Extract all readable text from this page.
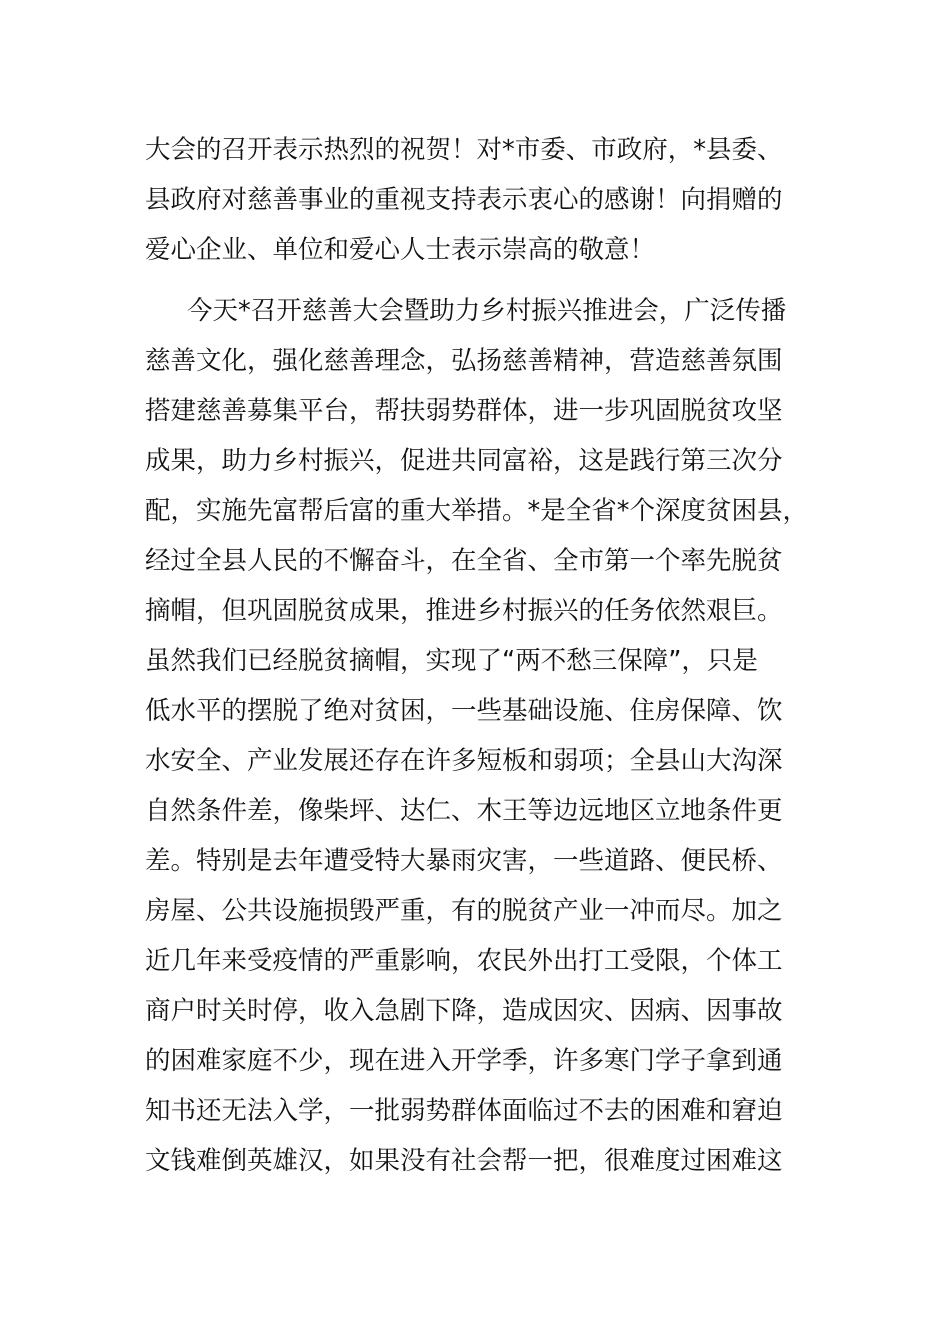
大会的召开表示热烈的祝贺！对*市委、市政府，*县委、
县政府对慈善事业的重视支持表示衷心的感谢！向捐赠的
爱心企业、单位和爱心人士表示崇高的敬意！
今天*召开慈善大会暨助力乡村振兴推进会，广泛传播
慈善文化，强化慈善理念，弘扬慈善精神，营造慈善氛围
搭建慈善募集平台，帮扶弱势群体，进一步巩固脱贫攻坚
成果，助力乡村振兴，促进共同富裕，这是践行第三次分
配，实施先富帮后富的重大举措。*是全省*个深度贫困县，
经过全县人民的不懈奋斗，在全省、全市第一个率先脱贫
摘帽，但巩固脱贫成果，推进乡村振兴的任务依然艰巨。
虽然我们已经脱贫摘帽，实现了“两不愁三保障”，只是
低水平的摆脱了绝对贫困，一些基础设施、住房保障、饮
水安全、产业发展还存在许多短板和弱项；全县山大沟深
自然条件差，像柴坪、达仁、木王等边远地区立地条件更
差。特别是去年遭受特大暴雨灾害，一些道路、便民桥、
房屋、公共设施损毁严重，有的脱贫产业一冲而尽。加之
近几年来受疫情的严重影响，农民外出打工受限，个体工
商户时关时停，收入急剧下降，造成因灾、因病、因事故
的困难家庭不少，现在进入开学季，许多寒门学子拿到通
知书还无法入学，一批弱势群体面临过不去的困难和窘迫
文钱难倒英雄汉，如果没有社会帮一把，很难度过困难这
